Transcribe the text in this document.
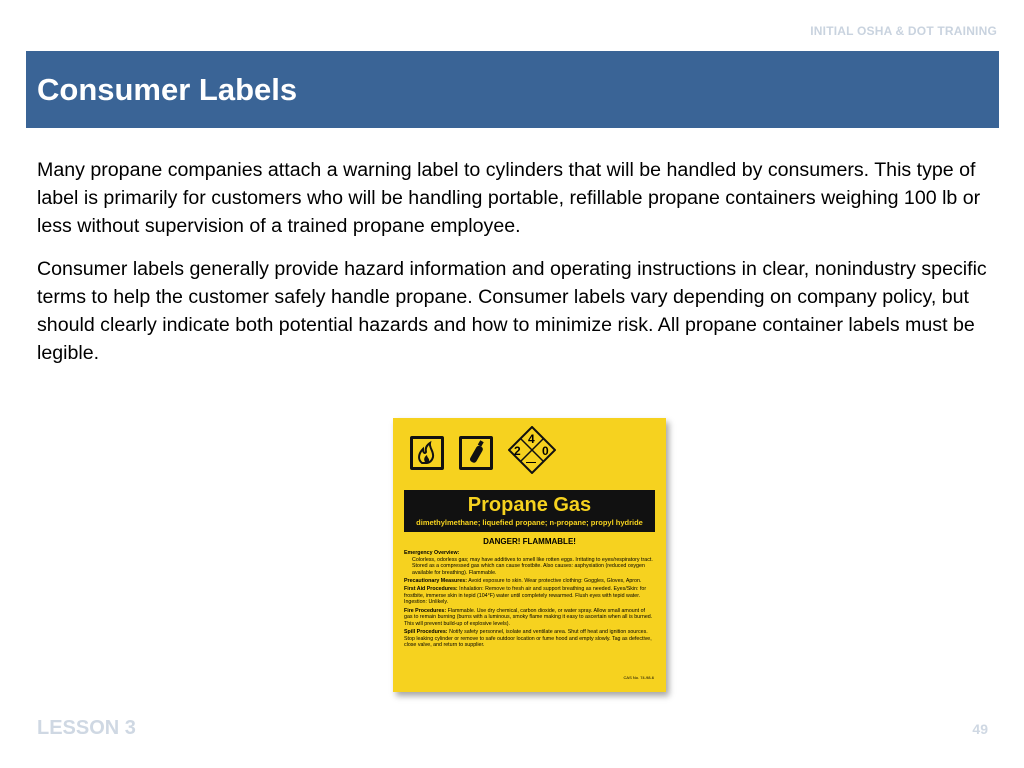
INITIAL OSHA & DOT TRAINING
Consumer Labels

Many propane companies attach a warning label to cylinders that will be handled by consumers. This type of label is primarily for customers who will be handling portable, refillable propane containers weighing 100 lb or less without supervision of a trained propane employee.

Consumer labels generally provide hazard information and operating instructions in clear, nonindustry specific terms to help the customer safely handle propane. Consumer labels vary depending on company policy, but should clearly indicate both potential hazards and how to minimize risk. All propane container labels must be legible.

4
2 0
—
Propane Gas
dimethylmethane; liquefied propane; n-propane; propyl hydride
DANGER! FLAMMABLE!
Emergency Overview:
Colorless, odorless gas; may have additives to smell like rotten eggs. Irritating to eyes/respiratory tract. Stored as a compressed gas which can cause frostbite. Also causes: asphyxiation (reduced oxygen available for breathing). Flammable.
Precautionary Measures: Avoid exposure to skin. Wear protective clothing: Goggles, Gloves, Apron.
First Aid Procedures: Inhalation: Remove to fresh air and support breathing as needed. Eyes/Skin: for frostbite, immerse skin in tepid (104°F) water until completely rewarmed. Flush eyes with tepid water. Ingestion: Unlikely.
Fire Procedures: Flammable. Use dry chemical, carbon dioxide, or water spray. Allow small amount of gas to remain burning (burns with a luminous, smoky flame making it easy to ascertain when all is burned. This will prevent build-up of explosive levels).
Spill Procedures: Notify safety personnel, isolate and ventilate area. Shut off heat and ignition sources. Stop leaking cylinder or remove to safe outdoor location or fume hood and empty slowly. Tag as defective, close valve, and return to supplier.
CAS No. 74-98-6
LESSON 3	49
